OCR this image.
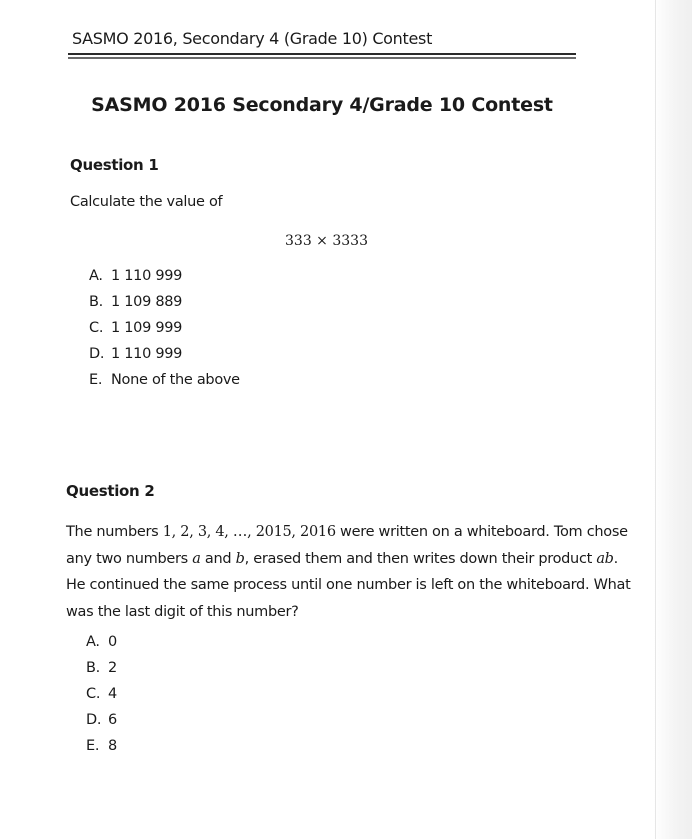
SASMO 2016, Secondary 4 (Grade 10) Contest
SASMO 2016 Secondary 4/Grade 10 Contest
Question 1
Calculate the value of
333 × 3333
A. 1 110 999
B. 1 109 889
C. 1 109 999
D. 1 110 999
E. None of the above
Question 2
The numbers 1, 2, 3, 4, …, 2015, 2016 were written on a whiteboard. Tom chose
any two numbers a and b, erased them and then writes down their product ab.
He continued the same process until one number is left on the whiteboard. What
was the last digit of this number?
A. 0
B. 2
C. 4
D. 6
E. 8
